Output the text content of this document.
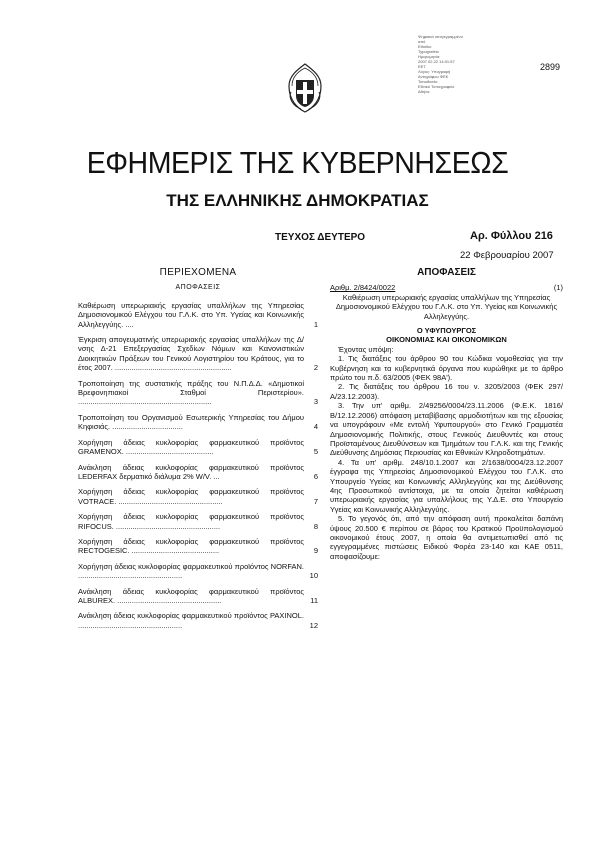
Ψηφιακά υπογεγραμμένο
από
Ethniko
Typografeio
Ημερομηνία:
2007.02.22 14:01:57
EET
Λόγος: Υπογραφή
Αντιγράφου ΦΕΚ
Τοποθεσία:
Εθνικό Τυπογραφείο
Αθήνα
2899
ΕΦΗΜΕΡΙΣ ΤΗΣ ΚΥΒΕΡΝΗΣΕΩΣ
ΤΗΣ ΕΛΛΗΝΙΚΗΣ ΔΗΜΟΚΡΑΤΙΑΣ
ΤΕΥΧΟΣ ΔΕΥΤΕΡΟ	Αρ. Φύλλου 216
22 Φεβρουαρίου 2007
ΠΕΡΙΕΧΟΜΕΝΑ
ΑΠΟΦΑΣΕΙΣ
Καθιέρωση υπερωριακής εργασίας υπαλλήλων της Υπηρεσίας Δημοσιονομικού Ελέγχου του Γ.Λ.Κ. στο Υπ. Υγείας και Κοινωνικής Αλληλεγγύης. ....	1
Έγκριση απογευματινής υπερωριακής εργασίας υπαλλήλων της Δ/νσης Δ-21 Επεξεργασίας Σχεδίων Νόμων και Κανονιστικών Διοικητικών Πράξεων του Γενικού Λογιστηρίου του Κράτους, για το έτος 2007. ........................................................	2
Τροποποίηση της συστατικής πράξης του Ν.Π.Δ.Δ. «Δημοτικοί Βρεφονηπιακοί Σταθμοί Περιστερίου». ................................................................	3
Τροποποίηση του Οργανισμού Εσωτερικής Υπηρεσίας του Δήμου Κηφισιάς. ..................................	4
Χορήγηση άδειας κυκλοφορίας φαρμακευτικού προϊόντος GRAMENOX. ..........................................	5
Ανάκληση άδειας κυκλοφορίας φαρμακευτικού προϊόντος LEDERFAX δερματικό διάλυμα 2% W/V. ...	6
Χορήγηση άδειας κυκλοφορίας φαρμακευτικού προϊόντος VOTRACE. ..................................................	7
Χορήγηση άδειας κυκλοφορίας φαρμακευτικού προϊόντος RIFOCUS. ..................................................	8
Χορήγηση άδειας κυκλοφορίας φαρμακευτικού προϊόντος RECTOGESIC. ..........................................	9
Χορήγηση άδειας κυκλοφορίας φαρμακευτικού προϊόντος NORFAN. ..................................................	10
Ανάκληση άδειας κυκλοφορίας φαρμακευτικού προϊόντος ALBUREX. ..................................................	11
Ανάκληση άδειας κυκλοφορίας φαρμακευτικού προϊόντος PAXINOL. ..................................................	12
ΑΠΟΦΑΣΕΙΣ
Αριθμ. 2/8424/0022	(1)
Καθιέρωση υπερωριακής εργασίας υπαλλήλων της Υπηρεσίας Δημοσιονομικού Ελέγχου του Γ.Λ.Κ. στο Υπ. Υγείας και Κοινωνικής Αλληλεγγύης.
Ο ΥΦΥΠΟΥΡΓΟΣ
ΟΙΚΟΝΟΜΙΑΣ ΚΑΙ ΟΙΚΟΝΟΜΙΚΩΝ

Έχοντας υπόψη:

1. Τις διατάξεις του άρθρου 90 του Κώδικα νομοθεσίας για την Κυβέρνηση και τα κυβερνητικά όργανα που κυρώθηκε με το άρθρο πρώτο του π.δ. 63/2005 (ΦΕΚ 98Α').

2. Τις διατάξεις του άρθρου 16 του ν. 3205/2003 (ΦΕΚ 297/Α/23.12.2003).

3. Την υπ' αριθμ. 2/49256/0004/23.11.2006 (Φ.Ε.Κ. 1816/ Β/12.12.2006) απόφαση μεταβίβασης αρμοδιοτήτων και της εξουσίας να υπογράφουν «Με εντολή Υφυπουργού» στο Γενικό Γραμματέα Δημοσιονομικής Πολιτικής, στους Γενικούς Διευθυντές και στους Προϊσταμένους Διευθύνσεων και Τμημάτων του Γ.Λ.Κ. και της Γενικής Διεύθυνσης Δημόσιας Περιουσίας και Εθνικών Κληροδοτημάτων.

4. Τα υπ' αριθμ. 248/10.1.2007 και 2/1638/0004/23.12.2007 έγγραφα της Υπηρεσίας Δημοσιονομικού Ελέγχου του Γ.Λ.Κ. στο Υπουργείο Υγείας και Κοινωνικής Αλληλεγγύης και της Διεύθυνσης 4ης Προσωπικού αντίστοιχα, με τα οποία ζητείται καθιέρωση υπερωριακής εργασίας για υπαλλήλους της Υ.Δ.Ε. στο Υπουργείο Υγείας και Κοινωνικής Αλληλεγγύης.

5. Το γεγονός ότι, από την απόφαση αυτή προκαλείται δαπάνη ύψους 20.500 € περίπου σε βάρος του Κρατικού Προϋπολογισμού οικονομικού έτους 2007, η οποία θα αντιμετωπισθεί από τις εγγεγραμμένες πιστώσεις Ειδικού Φορέα 23-140 και ΚΑΕ 0511, αποφασίζουμε:
